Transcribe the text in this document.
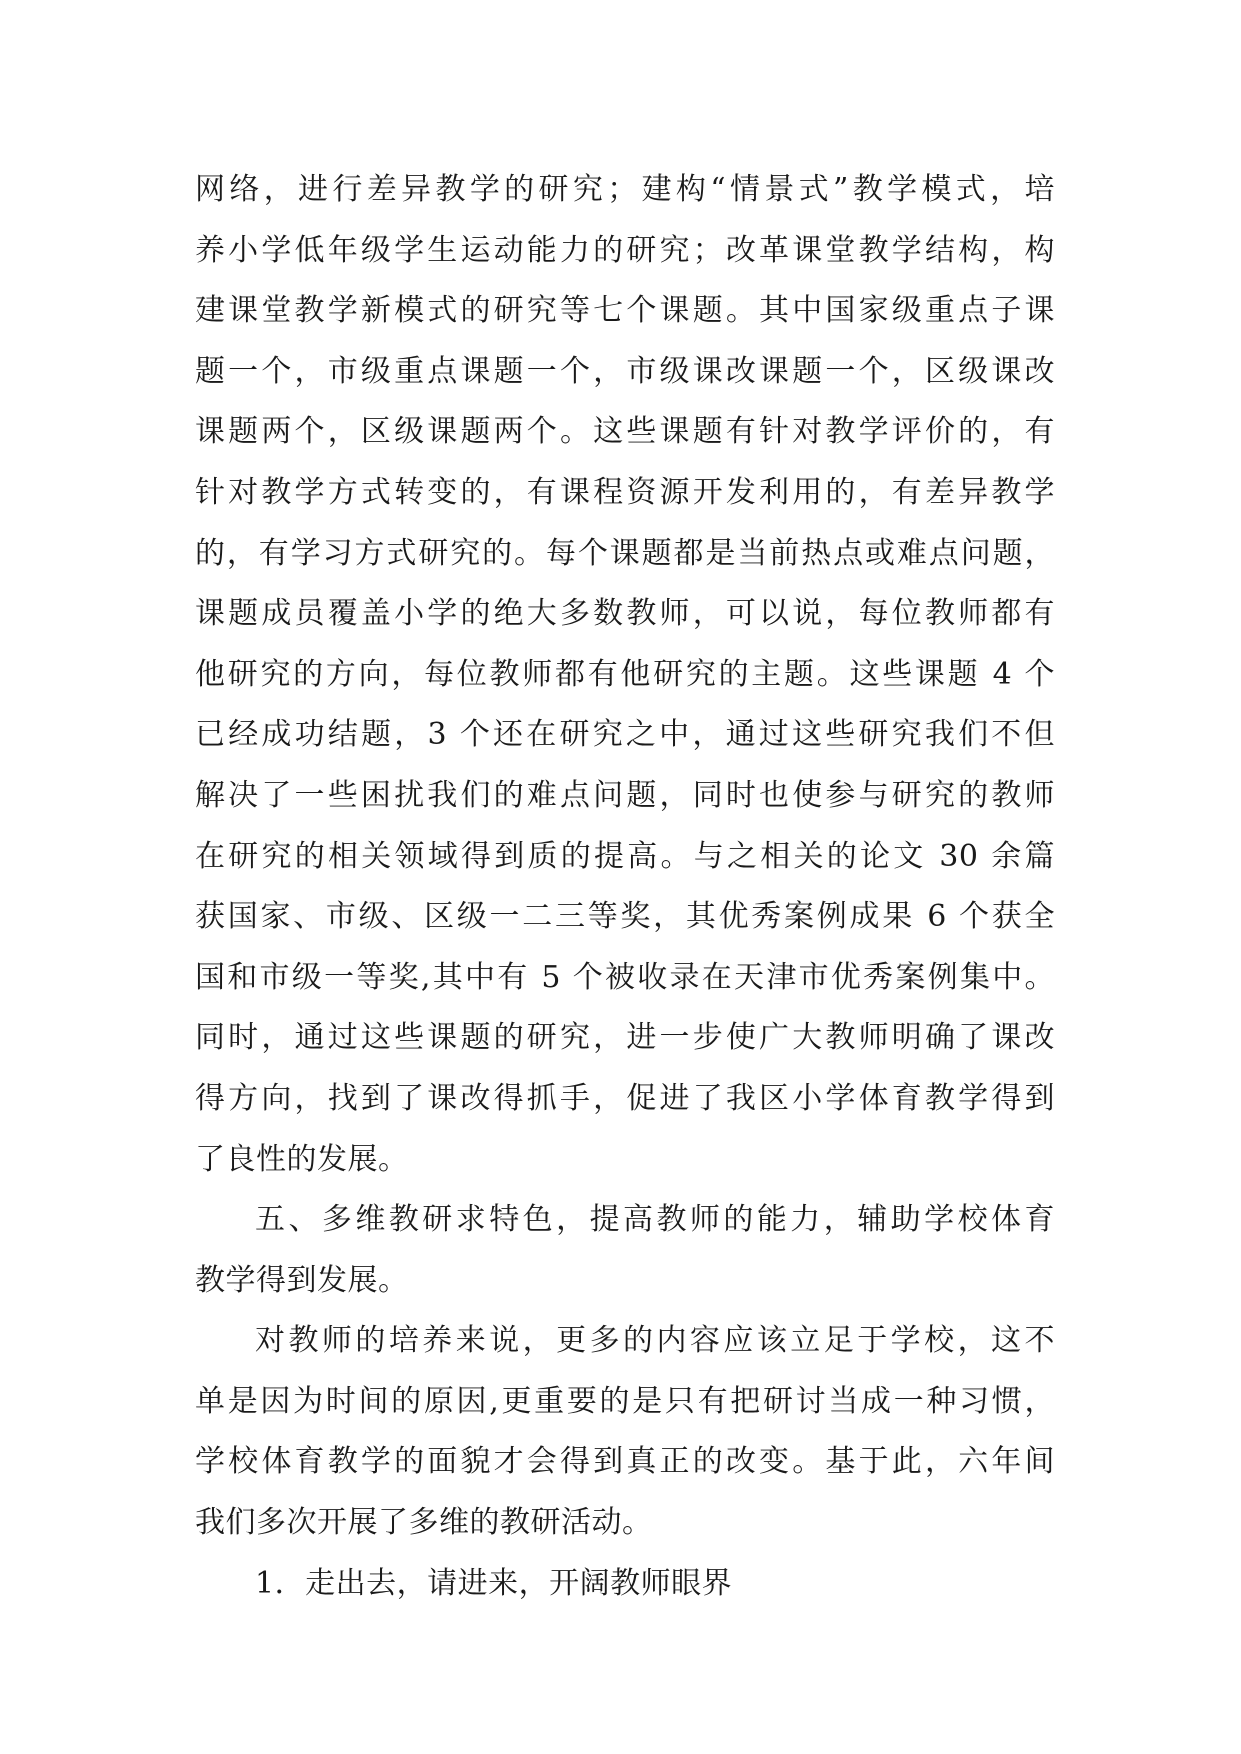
网络，进行差异教学的研究；建构“情景式”教学模式，培
养小学低年级学生运动能力的研究；改革课堂教学结构，构
建课堂教学新模式的研究等七个课题。其中国家级重点子课
题一个，市级重点课题一个，市级课改课题一个，区级课改
课题两个，区级课题两个。这些课题有针对教学评价的，有
针对教学方式转变的，有课程资源开发利用的，有差异教学
的，有学习方式研究的。每个课题都是当前热点或难点问题，
课题成员覆盖小学的绝大多数教师，可以说，每位教师都有
他研究的方向，每位教师都有他研究的主题。这些课题 4 个
已经成功结题，3 个还在研究之中，通过这些研究我们不但
解决了一些困扰我们的难点问题，同时也使参与研究的教师
在研究的相关领域得到质的提高。与之相关的论文 30 余篇
获国家、市级、区级一二三等奖，其优秀案例成果 6 个获全
国和市级一等奖,其中有 5 个被收录在天津市优秀案例集中。
同时，通过这些课题的研究，进一步使广大教师明确了课改
得方向，找到了课改得抓手，促进了我区小学体育教学得到
了良性的发展。
五、多维教研求特色，提高教师的能力，辅助学校体育
教学得到发展。
对教师的培养来说，更多的内容应该立足于学校，这不
单是因为时间的原因,更重要的是只有把研讨当成一种习惯，
学校体育教学的面貌才会得到真正的改变。基于此，六年间
我们多次开展了多维的教研活动。
1．走出去，请进来，开阔教师眼界
